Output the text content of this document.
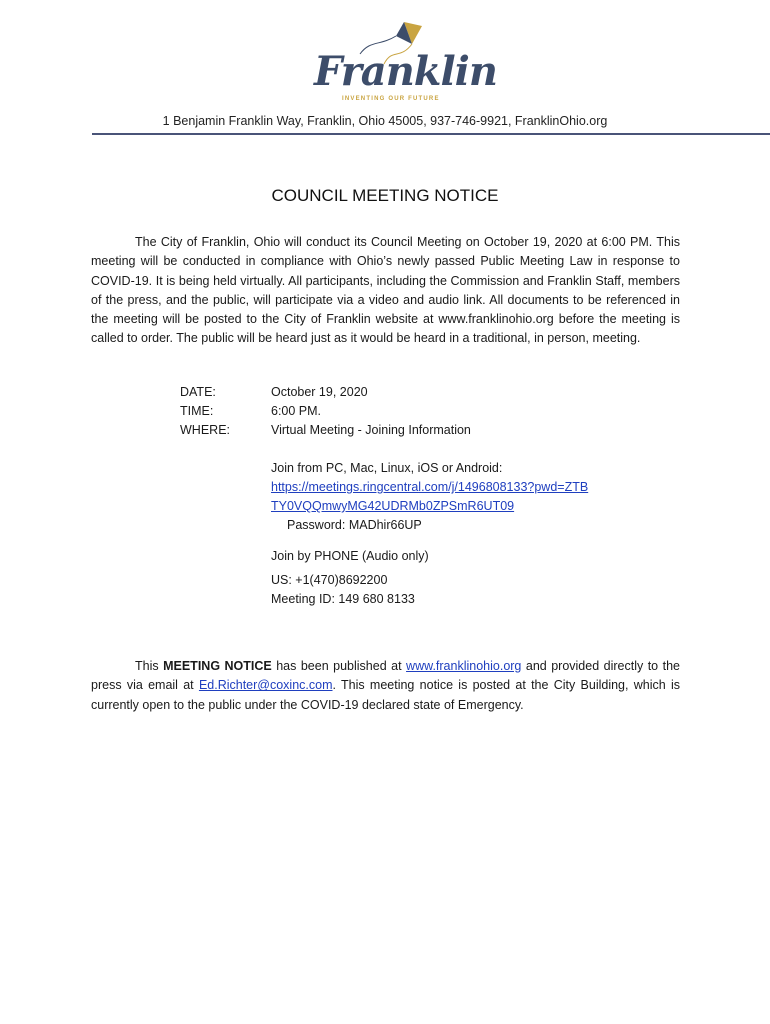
Franklin
INVENTING OUR FUTURE
1 Benjamin Franklin Way, Franklin, Ohio 45005, 937-746-9921, FranklinOhio.org
COUNCIL MEETING NOTICE

The City of Franklin, Ohio will conduct its Council Meeting on October 19, 2020 at 6:00 PM. This meeting will be conducted in compliance with Ohio’s newly passed Public Meeting Law in response to COVID-19. It is being held virtually. All participants, including the Commission and Franklin Staff, members of the press, and the public, will participate via a video and audio link. All documents to be referenced in the meeting will be posted to the City of Franklin website at www.franklinohio.org before the meeting is called to order. The public will be heard just as it would be heard in a traditional, in person, meeting.

DATE:	October 19, 2020
TIME:	6:00 PM.
WHERE:	Virtual Meeting - Joining Information
Join from PC, Mac, Linux, iOS or Android:
https://meetings.ringcentral.com/j/1496808133?pwd=ZTB
TY0VQQmwyMG42UDRMb0ZPSmR6UT09
Password: MADhir66UP
Join by PHONE (Audio only)
US: +1(470)8692200
Meeting ID: 149 680 8133

This MEETING NOTICE has been published at www.franklinohio.org and provided directly to the press via email at Ed.Richter@coxinc.com. This meeting notice is posted at the City Building, which is currently open to the public under the COVID-19 declared state of Emergency.
